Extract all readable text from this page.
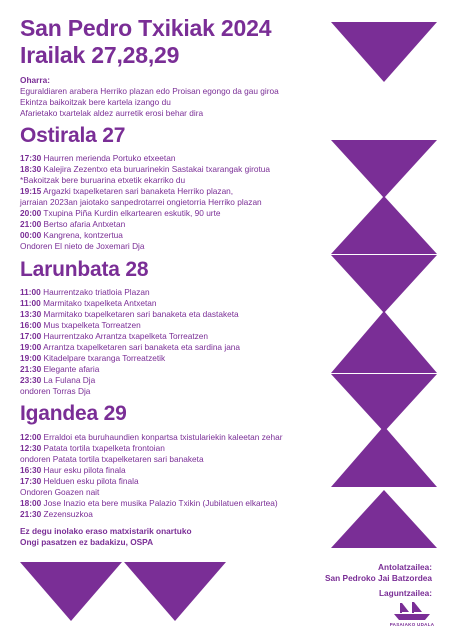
San Pedro Txikiak 2024
Irailak 27,28,29
Oharra:
Eguraldiaren arabera Herriko plazan edo Proisan egongo da gau giroa
Ekintza baikoitzak bere kartela izango du
Afarietako txartelak aldez aurretik erosi behar dira
Ostirala 27
17:30 Haurren merienda Portuko etxeetan
18:30 Kalejira Zezentxo eta buruarinekin Sastakai txarangak girotua
*Bakoitzak bere buruarina etxetik ekarriko du
19:15 Argazki txapelketaren sari banaketa Herriko plazan,
jarraian 2023an jaiotako sanpedrotarrei ongietorria Herriko plazan
20:00 Txupina Piña Kurdin elkartearen eskutik, 90 urte
21:00 Bertso afaria Antxetan
00:00 Kangrena, kontzertua
Ondoren El nieto de Joxemari Dja
Larunbata 28
11:00 Haurrentzako triatloia Plazan
11:00 Marmitako txapelketa Antxetan
13:30 Marmitako txapelketaren sari banaketa eta dastaketa
16:00 Mus txapelketa Torreatzen
17:00 Haurrentzako Arrantza txapelketa Torreatzen
19:00 Arrantza txapelketaren sari banaketa eta sardina jana
19:00 Kitadelpare txaranga Torreatzetik
21:30 Elegante afaria
23:30 La Fulana Dja
ondoren Torras Dja
Igandea 29
12:00 Erraldoi eta buruhaundien konpartsa txistulariekin kaleetan zehar
12:30 Patata tortila txapelketa frontoian
ondoren Patata tortila txapelketaren sari banaketa
16:30 Haur esku pilota finala
17:30 Helduen esku pilota finala
Ondoren Goazen nait
18:00 Jose Inazio eta bere musika Palazio Txikin (Jubilatuen elkartea)
21:30 Zezensuzkoa
Ez degu inolako eraso matxistarik onartuko
Ongi pasatzen ez badakizu, OSPA
Antolatzailea:
San Pedroko Jai Batzordea
Laguntzailea:
PASAIAKO UDALA
